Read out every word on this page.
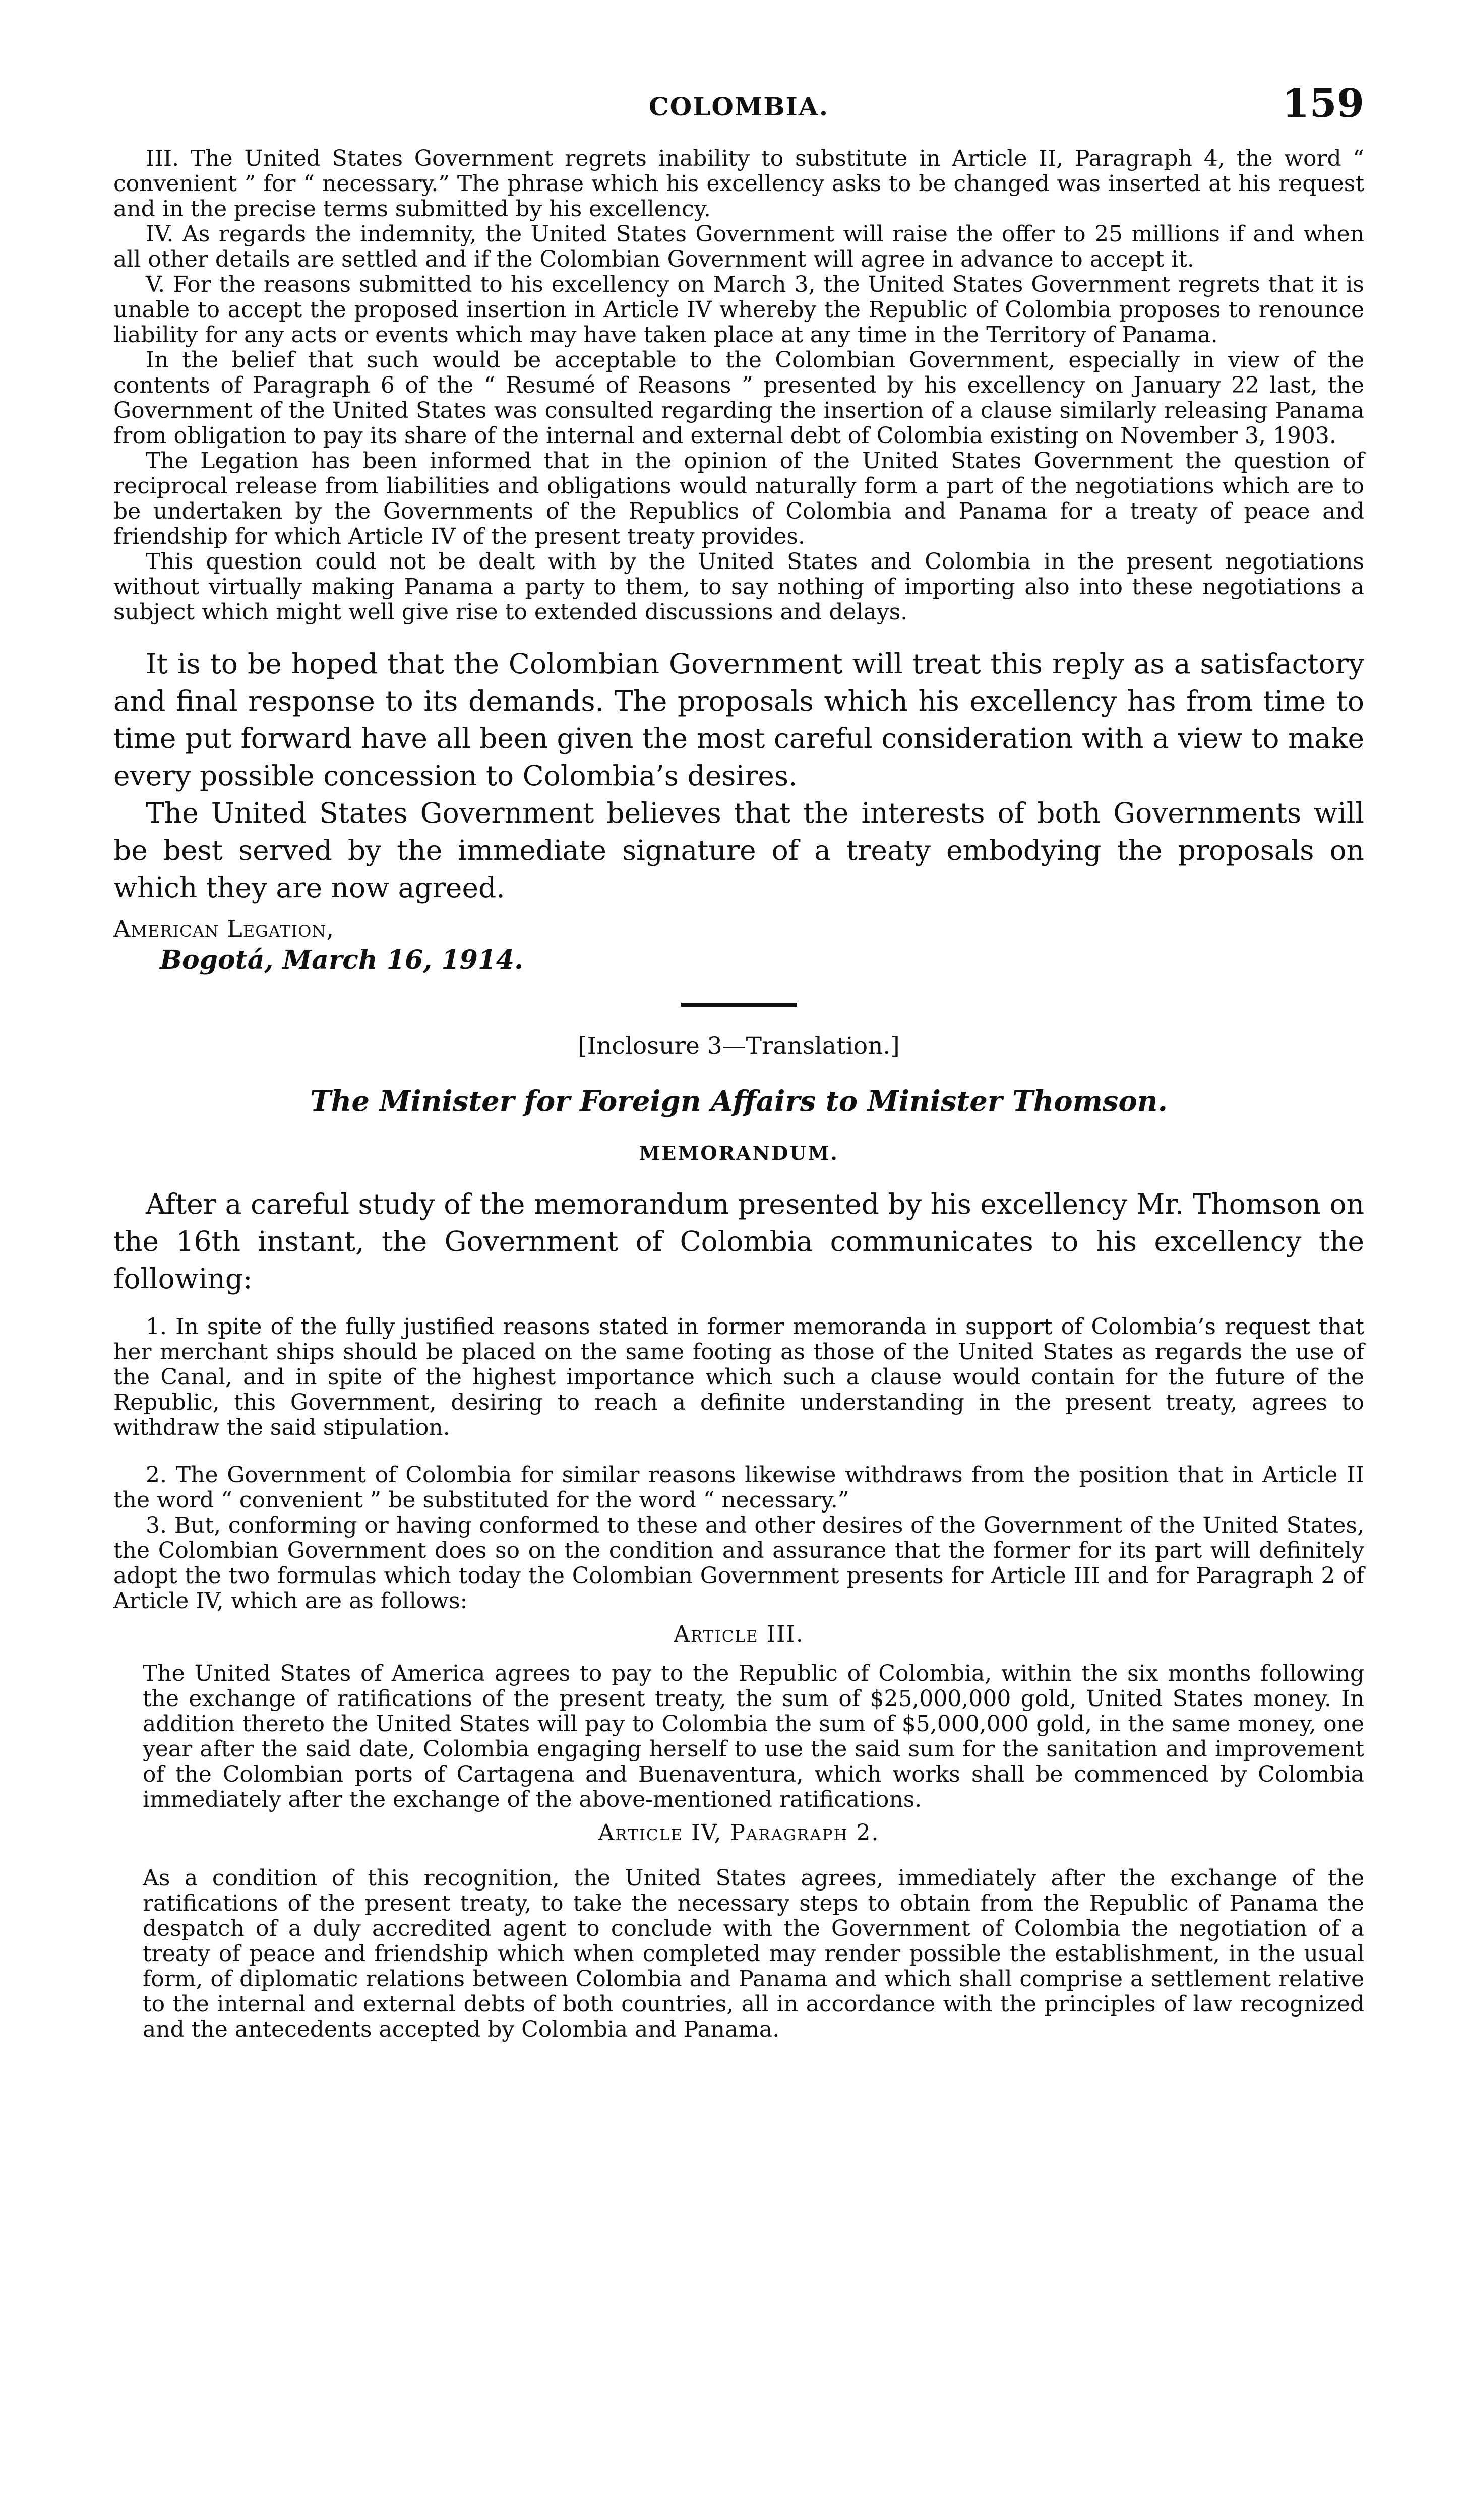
COLOMBIA.	159

III. The United States Government regrets inability to substitute in Article II, Paragraph 4, the word “ convenient ” for “ necessary.” The phrase which his excellency asks to be changed was inserted at his request and in the precise terms submitted by his excellency.

IV. As regards the indemnity, the United States Government will raise the offer to 25 millions if and when all other details are settled and if the Colombian Government will agree in advance to accept it.

V. For the reasons submitted to his excellency on March 3, the United States Government regrets that it is unable to accept the proposed insertion in Article IV whereby the Republic of Colombia proposes to renounce liability for any acts or events which may have taken place at any time in the Territory of Panama.

In the belief that such would be acceptable to the Colombian Government, especially in view of the contents of Paragraph 6 of the “ Resumé of Reasons ” presented by his excellency on January 22 last, the Government of the United States was consulted regarding the insertion of a clause similarly releasing Panama from obligation to pay its share of the internal and external debt of Colombia existing on November 3, 1903.

The Legation has been informed that in the opinion of the United States Government the question of reciprocal release from liabilities and obligations would naturally form a part of the negotiations which are to be undertaken by the Governments of the Republics of Colombia and Panama for a treaty of peace and friendship for which Article IV of the present treaty provides.

This question could not be dealt with by the United States and Colombia in the present negotiations without virtually making Panama a party to them, to say nothing of importing also into these negotiations a subject which might well give rise to extended discussions and delays.

It is to be hoped that the Colombian Government will treat this reply as a satisfactory and final response to its demands. The proposals which his excellency has from time to time put forward have all been given the most careful consideration with a view to make every possible concession to Colombia’s desires.

The United States Government believes that the interests of both Governments will be best served by the immediate signature of a treaty embodying the proposals on which they are now agreed.

American Legation,
Bogotá, March 16, 1914.
[Inclosure 3—Translation.]
The Minister for Foreign Affairs to Minister Thomson.
MEMORANDUM.

After a careful study of the memorandum presented by his excellency Mr. Thomson on the 16th instant, the Government of Colombia communicates to his excellency the following:

1. In spite of the fully justified reasons stated in former memoranda in support of Colombia’s request that her merchant ships should be placed on the same footing as those of the United States as regards the use of the Canal, and in spite of the highest importance which such a clause would contain for the future of the Republic, this Government, desiring to reach a definite understanding in the present treaty, agrees to withdraw the said stipulation.

2. The Government of Colombia for similar reasons likewise withdraws from the position that in Article II the word “ convenient ” be substituted for the word “ necessary.”

3. But, conforming or having conformed to these and other desires of the Government of the United States, the Colombian Government does so on the condition and assurance that the former for its part will definitely adopt the two formulas which today the Colombian Government presents for Article III and for Paragraph 2 of Article IV, which are as follows:

Article III.

The United States of America agrees to pay to the Republic of Colombia, within the six months following the exchange of ratifications of the present treaty, the sum of $25,000,000 gold, United States money. In addition thereto the United States will pay to Colombia the sum of $5,000,000 gold, in the same money, one year after the said date, Colombia engaging herself to use the said sum for the sanitation and improvement of the Colombian ports of Cartagena and Buenaventura, which works shall be commenced by Colombia immediately after the exchange of the above-mentioned ratifications.

Article IV, Paragraph 2.

As a condition of this recognition, the United States agrees, immediately after the exchange of the ratifications of the present treaty, to take the necessary steps to obtain from the Republic of Panama the despatch of a duly accredited agent to conclude with the Government of Colombia the negotiation of a treaty of peace and friendship which when completed may render possible the establishment, in the usual form, of diplomatic relations between Colombia and Panama and which shall comprise a settlement relative to the internal and external debts of both countries, all in accordance with the principles of law recognized and the antecedents accepted by Colombia and Panama.
